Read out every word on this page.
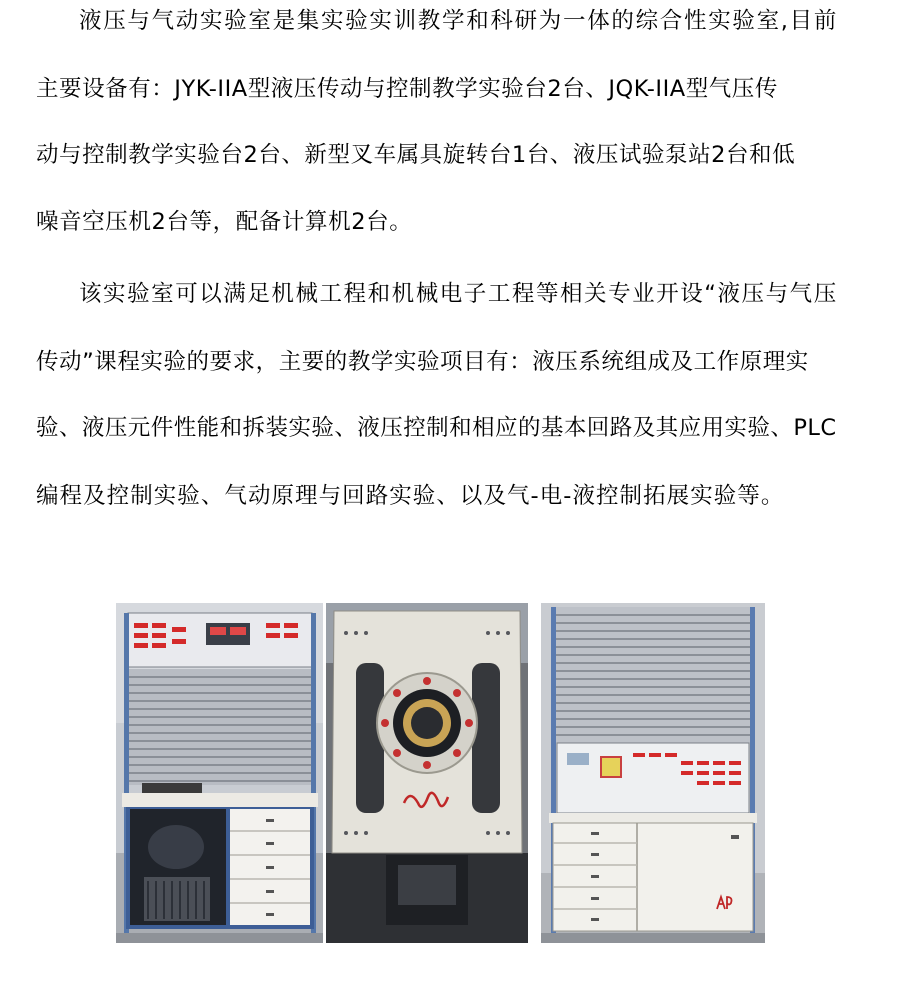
液压与气动实验室是集实验实训教学和科研为一体的综合性实验室,目前
主要设备有：JYK-IIA型液压传动与控制教学实验台2台、JQK-IIA型气压传
动与控制教学实验台2台、新型叉车属具旋转台1台、液压试验泵站2台和低
噪音空压机2台等，配备计算机2台。
该实验室可以满足机械工程和机械电子工程等相关专业开设“液压与气压
传动”课程实验的要求，主要的教学实验项目有：液压系统组成及工作原理实
验、液压元件性能和拆装实验、液压控制和相应的基本回路及其应用实验、PLC
编程及控制实验、气动原理与回路实验、以及气-电-液控制拓展实验等。
